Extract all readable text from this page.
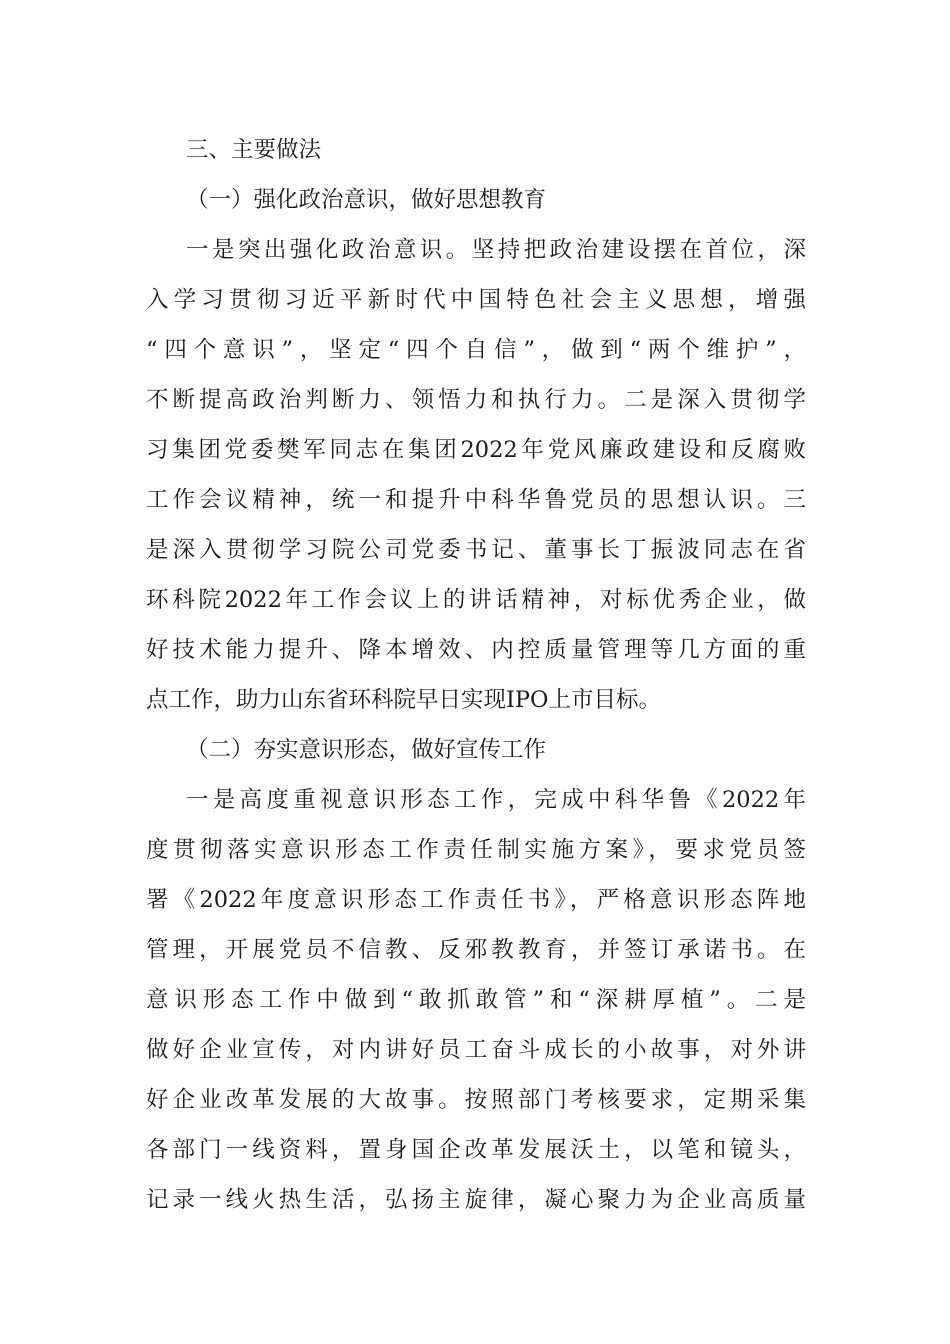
三、主要做法
（一）强化政治意识，做好思想教育
一是突出强化政治意识。坚持把政治建设摆在首位，深
入学习贯彻习近平新时代中国特色社会主义思想，增强
“四个意识”，坚定“四个自信”，做到“两个维护”，
不断提高政治判断力、领悟力和执行力。二是深入贯彻学
习集团党委樊军同志在集团2022年党风廉政建设和反腐败
工作会议精神，统一和提升中科华鲁党员的思想认识。三
是深入贯彻学习院公司党委书记、董事长丁振波同志在省
环科院2022年工作会议上的讲话精神，对标优秀企业，做
好技术能力提升、降本增效、内控质量管理等几方面的重
点工作，助力山东省环科院早日实现IPO上市目标。
（二）夯实意识形态，做好宣传工作
一是高度重视意识形态工作，完成中科华鲁《2022年
度贯彻落实意识形态工作责任制实施方案》，要求党员签
署《2022年度意识形态工作责任书》，严格意识形态阵地
管理，开展党员不信教、反邪教教育，并签订承诺书。在
意识形态工作中做到“敢抓敢管”和“深耕厚植”。二是
做好企业宣传，对内讲好员工奋斗成长的小故事，对外讲
好企业改革发展的大故事。按照部门考核要求，定期采集
各部门一线资料，置身国企改革发展沃土，以笔和镜头，
记录一线火热生活，弘扬主旋律，凝心聚力为企业高质量
